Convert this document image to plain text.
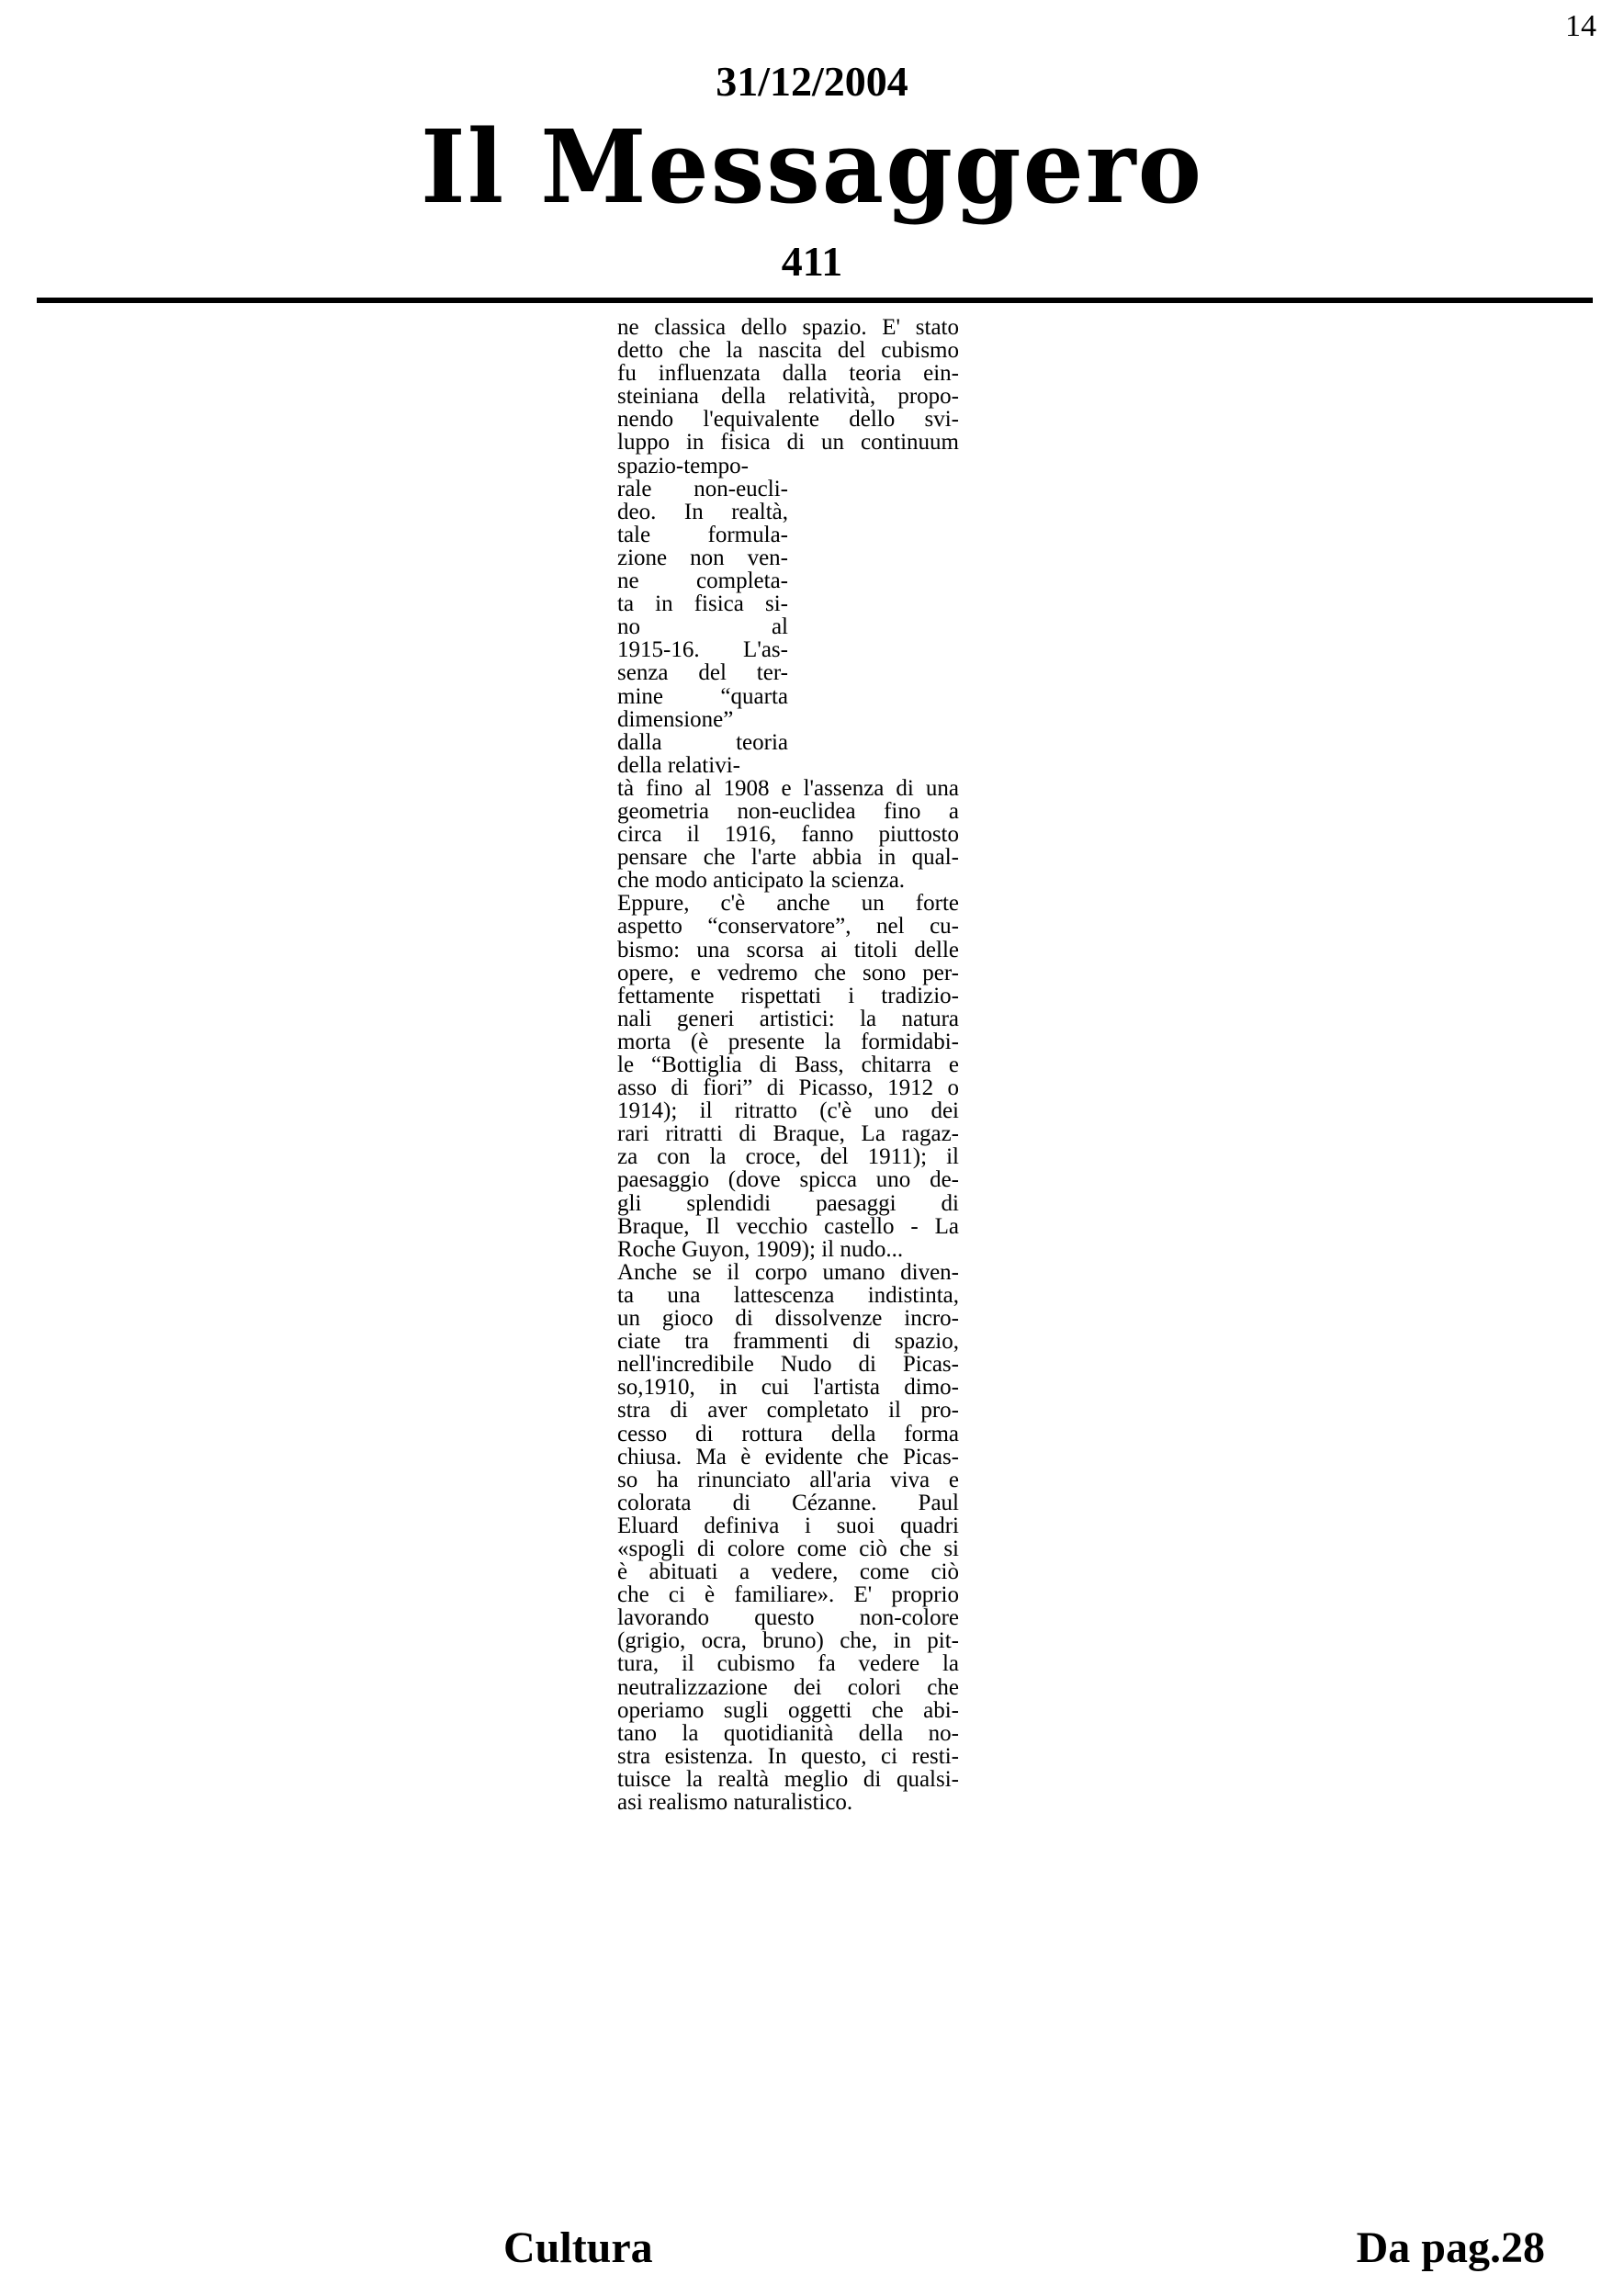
14
31/12/2004
Il Messaggero
411
ne classica dello spazio. E' stato
detto che la nascita del cubismo
fu influenzata dalla teoria ein-
steiniana della relatività, propo-
nendo l'equivalente dello svi-
luppo in fisica di un continuum
spazio-tempo-
rale non-eucli-
deo. In realtà,
tale formula-
zione non ven-
ne completa-
ta in fisica si-
no al
1915-16. L'as-
senza del ter-
mine “quarta
dimensione”
dalla teoria
della relativi-
tà fino al 1908 e l'assenza di una
geometria non-euclidea fino a
circa il 1916, fanno piuttosto
pensare che l'arte abbia in qual-
che modo anticipato la scienza.
Eppure, c'è anche un forte
aspetto “conservatore”, nel cu-
bismo: una scorsa ai titoli delle
opere, e vedremo che sono per-
fettamente rispettati i tradizio-
nali generi artistici: la natura
morta (è presente la formidabi-
le “Bottiglia di Bass, chitarra e
asso di fiori” di Picasso, 1912 o
1914); il ritratto (c'è uno dei
rari ritratti di Braque, La ragaz-
za con la croce, del 1911); il
paesaggio (dove spicca uno de-
gli splendidi paesaggi di
Braque, Il vecchio castello - La
Roche Guyon, 1909); il nudo...
Anche se il corpo umano diven-
ta una lattescenza indistinta,
un gioco di dissolvenze incro-
ciate tra frammenti di spazio,
nell'incredibile Nudo di Picas-
so,1910, in cui l'artista dimo-
stra di aver completato il pro-
cesso di rottura della forma
chiusa. Ma è evidente che Picas-
so ha rinunciato all'aria viva e
colorata di Cézanne. Paul
Eluard definiva i suoi quadri
«spogli di colore come ciò che si
è abituati a vedere, come ciò
che ci è familiare». E' proprio
lavorando questo non-colore
(grigio, ocra, bruno) che, in pit-
tura, il cubismo fa vedere la
neutralizzazione dei colori che
operiamo sugli oggetti che abi-
tano la quotidianità della no-
stra esistenza. In questo, ci resti-
tuisce la realtà meglio di qualsi-
asi realismo naturalistico.
Cultura	Da pag.28
